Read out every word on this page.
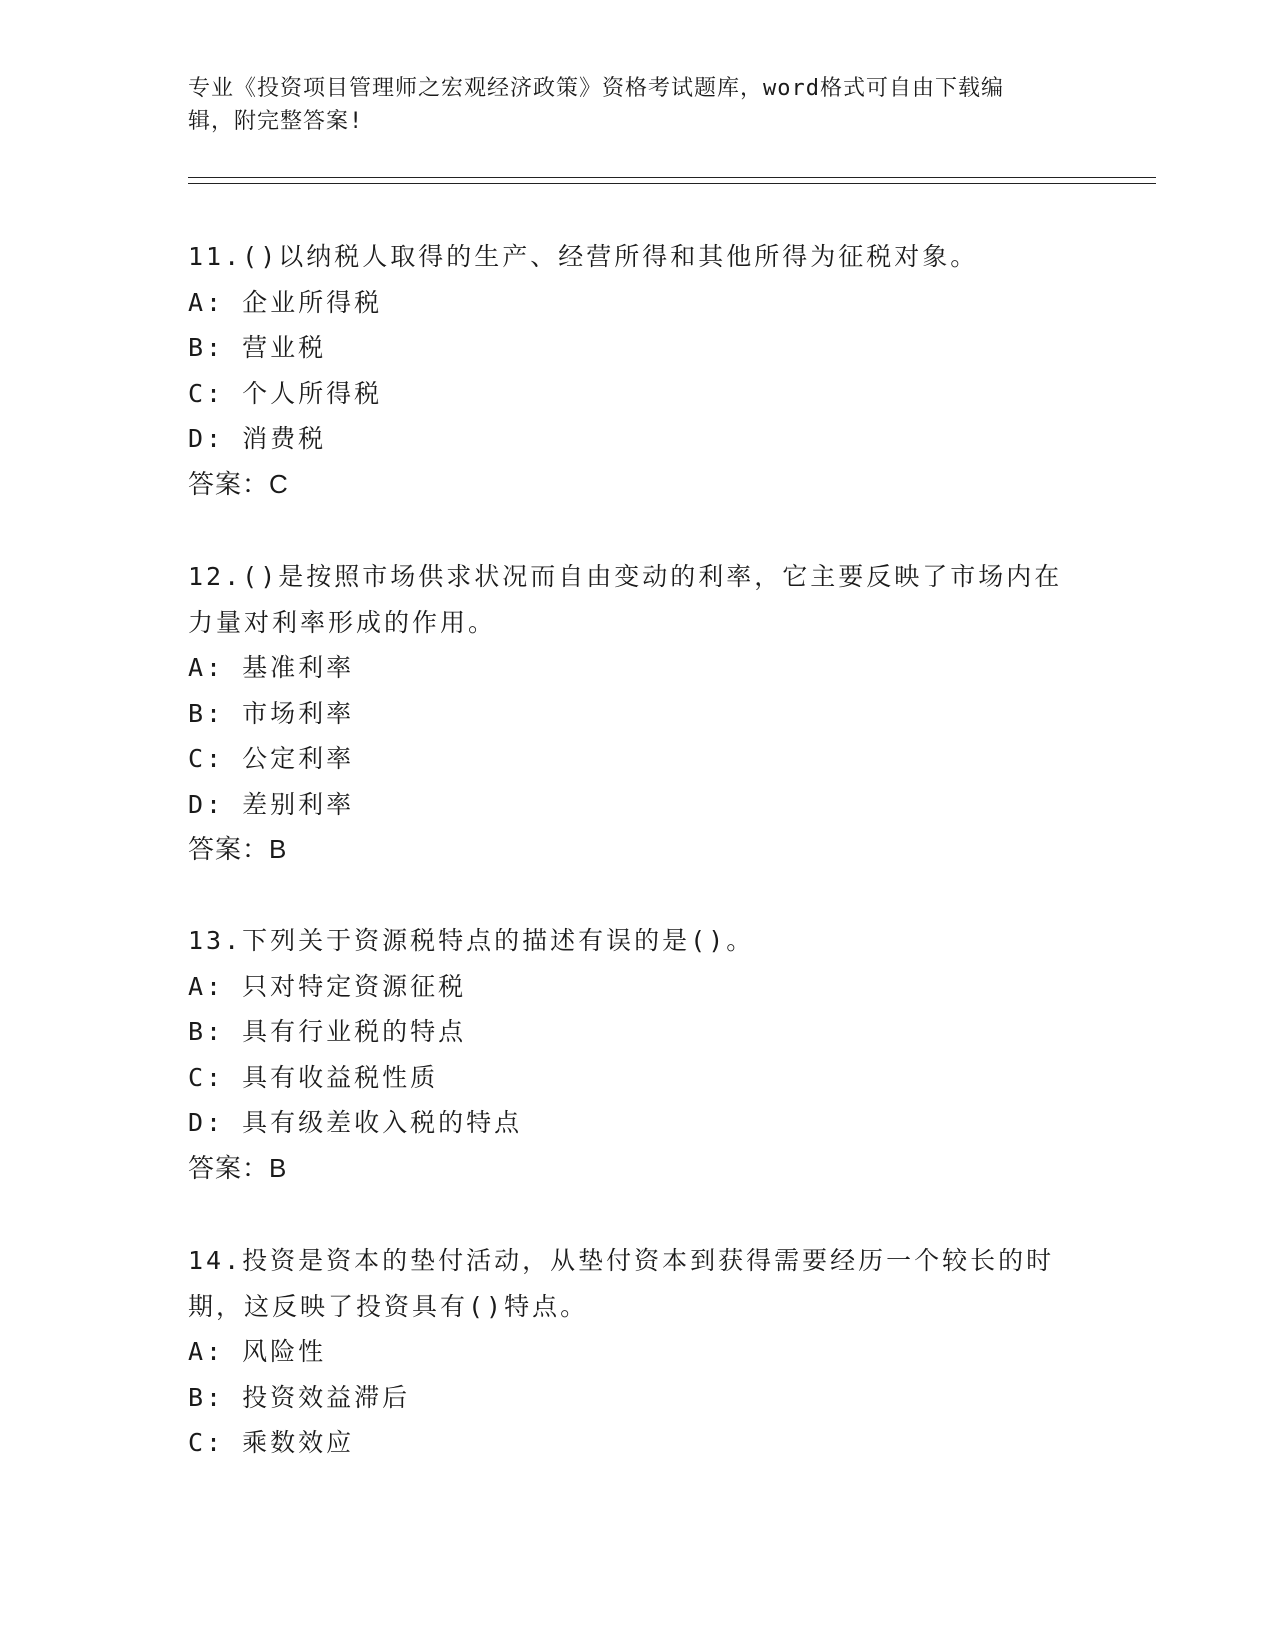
专业《投资项目管理师之宏观经济政策》资格考试题库，word格式可自由下载编
辑，附完整答案!
11.()以纳税人取得的生产、经营所得和其他所得为征税对象。
A: 企业所得税
B: 营业税
C: 个人所得税
D: 消费税
答案：C
12.()是按照市场供求状况而自由变动的利率，它主要反映了市场内在
力量对利率形成的作用。
A: 基准利率
B: 市场利率
C: 公定利率
D: 差别利率
答案：B
13.下列关于资源税特点的描述有误的是()。
A: 只对特定资源征税
B: 具有行业税的特点
C: 具有收益税性质
D: 具有级差收入税的特点
答案：B
14.投资是资本的垫付活动，从垫付资本到获得需要经历一个较长的时
期，这反映了投资具有()特点。
A: 风险性
B: 投资效益滞后
C: 乘数效应
